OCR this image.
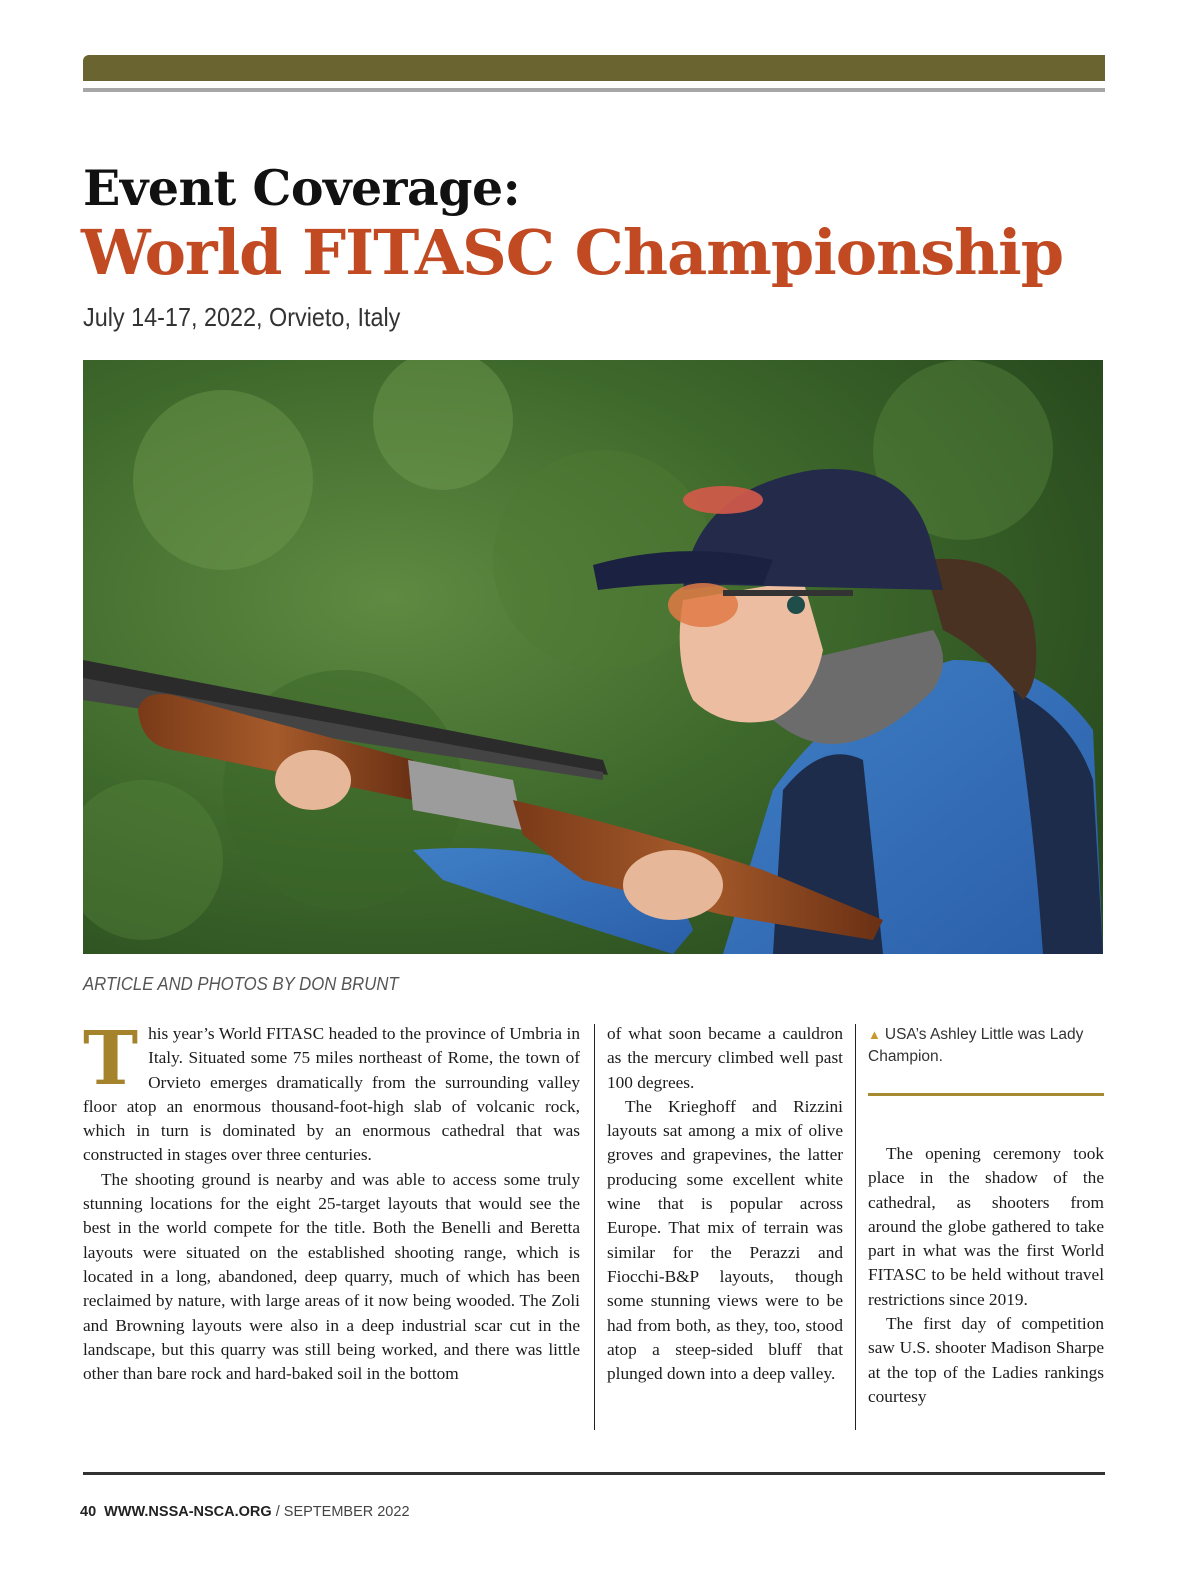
Event Coverage:
World FITASC Championship

July 14-17, 2022, Orvieto, Italy

ARTICLE AND PHOTOS BY DON BRUNT

This year’s World FITASC headed to the province of Umbria in Italy. Situated some 75 miles northeast of Rome, the town of Orvieto emerges dramatically from the surrounding valley floor atop an enormous thousand-foot-high slab of volcanic rock, which in turn is dominated by an enormous cathedral that was constructed in stages over three centuries.

The shooting ground is nearby and was able to access some truly stunning locations for the eight 25-target layouts that would see the best in the world compete for the title. Both the Benelli and Beretta layouts were situated on the established shooting range, which is located in a long, abandoned, deep quarry, much of which has been reclaimed by nature, with large areas of it now being wooded. The Zoli and Browning layouts were also in a deep industrial scar cut in the landscape, but this quarry was still being worked, and there was little other than bare rock and hard-baked soil in the bottom

of what soon became a cauldron as the mercury climbed well past 100 degrees.

The Krieghoff and Rizzini layouts sat among a mix of olive groves and grapevines, the latter producing some excellent white wine that is popular across Europe. That mix of terrain was similar for the Perazzi and Fiocchi-B&P layouts, though some stunning views were to be had from both, as they, too, stood atop a steep-sided bluff that plunged down into a deep valley.

▲ USA’s Ashley Little was Lady Champion.

The opening ceremony took place in the shadow of the cathedral, as shooters from around the globe gathered to take part in what was the first World FITASC to be held without travel restrictions since 2019.

The first day of competition saw U.S. shooter Madison Sharpe at the top of the Ladies rankings courtesy

40 WWW.NSSA-NSCA.ORG / SEPTEMBER 2022
